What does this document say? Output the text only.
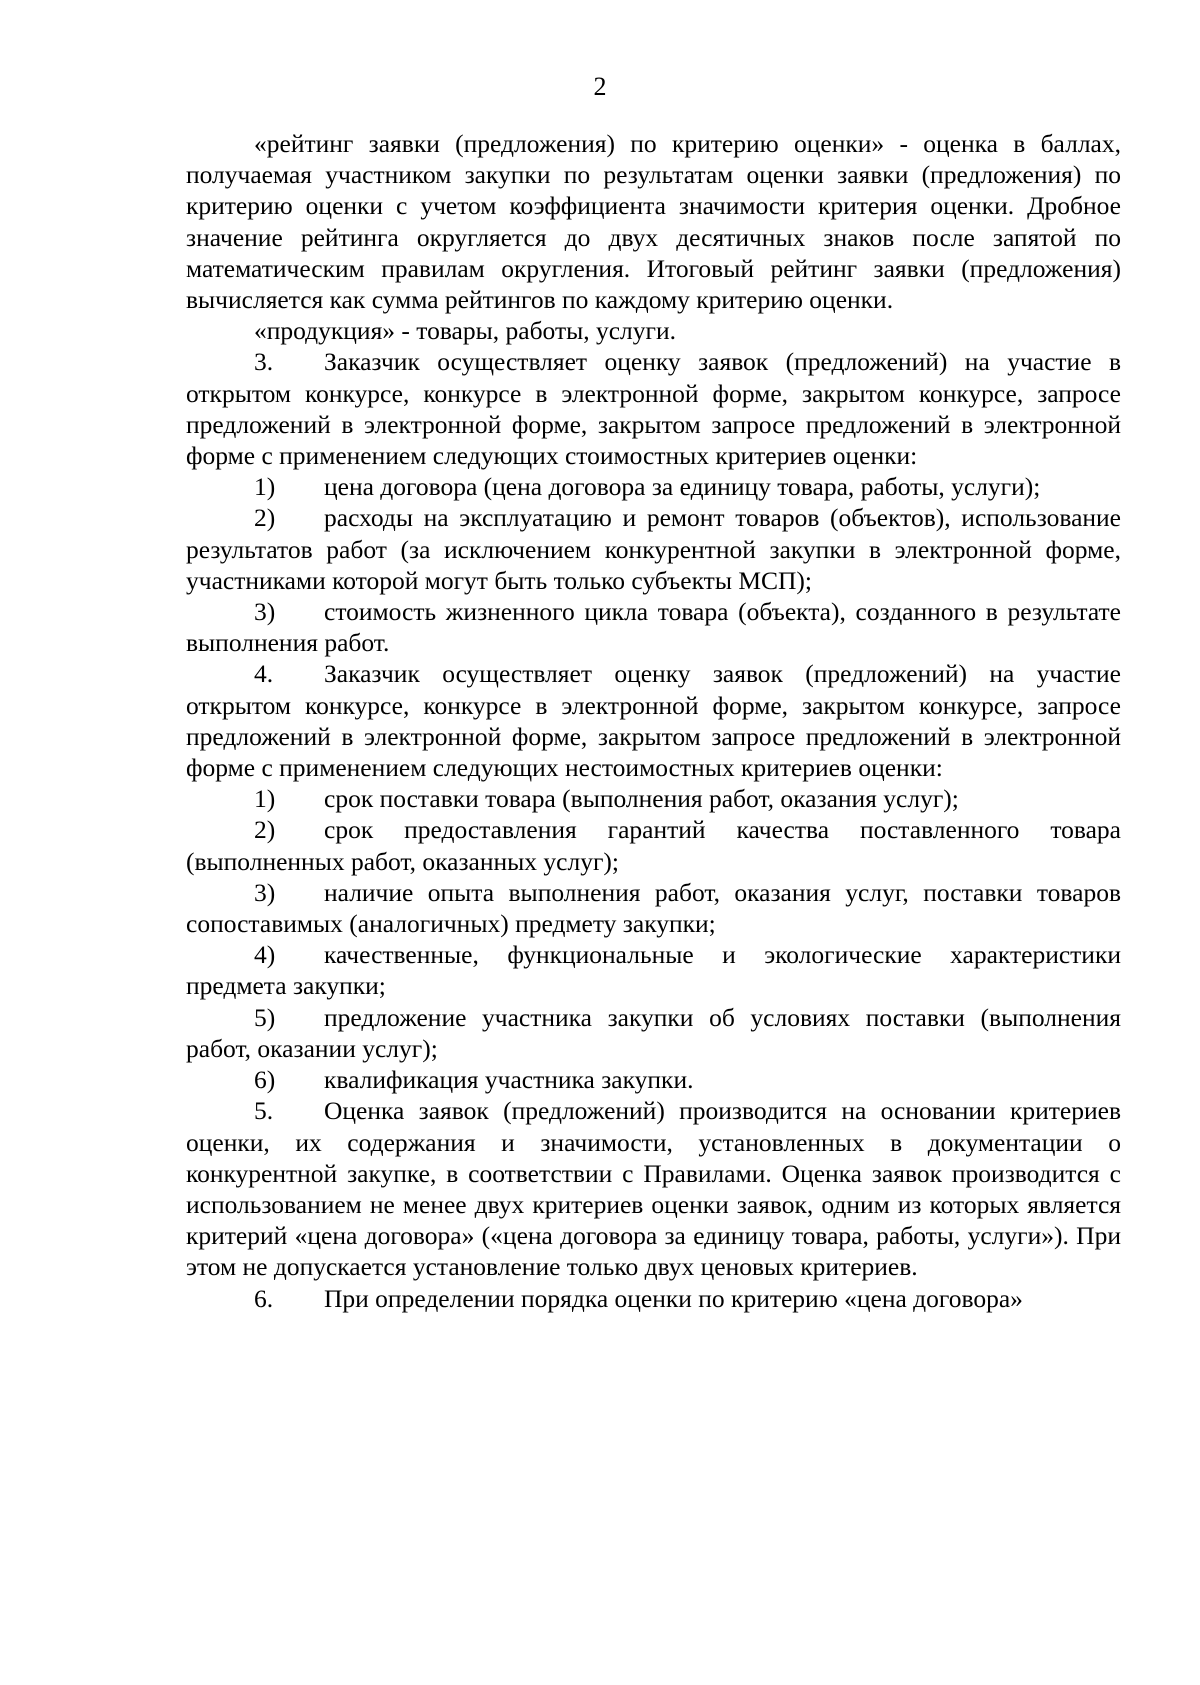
2

«рейтинг заявки (предложения) по критерию оценки» - оценка в баллах, получаемая участником закупки по результатам оценки заявки (предложения) по критерию оценки с учетом коэффициента значимости критерия оценки. Дробное значение рейтинга округляется до двух десятичных знаков после запятой по математическим правилам округления. Итоговый рейтинг заявки (предложения) вычисляется как сумма рейтингов по каждому критерию оценки.

«продукция» - товары, работы, услуги.

3. Заказчик осуществляет оценку заявок (предложений) на участие в открытом конкурсе, конкурсе в электронной форме, закрытом конкурсе, запросе предложений в электронной форме, закрытом запросе предложений в электронной форме с применением следующих стоимостных критериев оценки:

1) цена договора (цена договора за единицу товара, работы, услуги);

2) расходы на эксплуатацию и ремонт товаров (объектов), использование результатов работ (за исключением конкурентной закупки в электронной форме, участниками которой могут быть только субъекты МСП);

3) стоимость жизненного цикла товара (объекта), созданного в результате выполнения работ.

4. Заказчик осуществляет оценку заявок (предложений) на участие открытом конкурсе, конкурсе в электронной форме, закрытом конкурсе, запросе предложений в электронной форме, закрытом запросе предложений в электронной форме с применением следующих нестоимостных критериев оценки:

1) срок поставки товара (выполнения работ, оказания услуг);

2) срок предоставления гарантий качества поставленного товара (выполненных работ, оказанных услуг);

3) наличие опыта выполнения работ, оказания услуг, поставки товаров сопоставимых (аналогичных) предмету закупки;

4) качественные, функциональные и экологические характеристики предмета закупки;

5) предложение участника закупки об условиях поставки (выполнения работ, оказании услуг);

6) квалификация участника закупки.

5. Оценка заявок (предложений) производится на основании критериев оценки, их содержания и значимости, установленных в документации о конкурентной закупке, в соответствии с Правилами. Оценка заявок производится с использованием не менее двух критериев оценки заявок, одним из которых является критерий «цена договора» («цена договора за единицу товара, работы, услуги»). При этом не допускается установление только двух ценовых критериев.

6. При определении порядка оценки по критерию «цена договора»
